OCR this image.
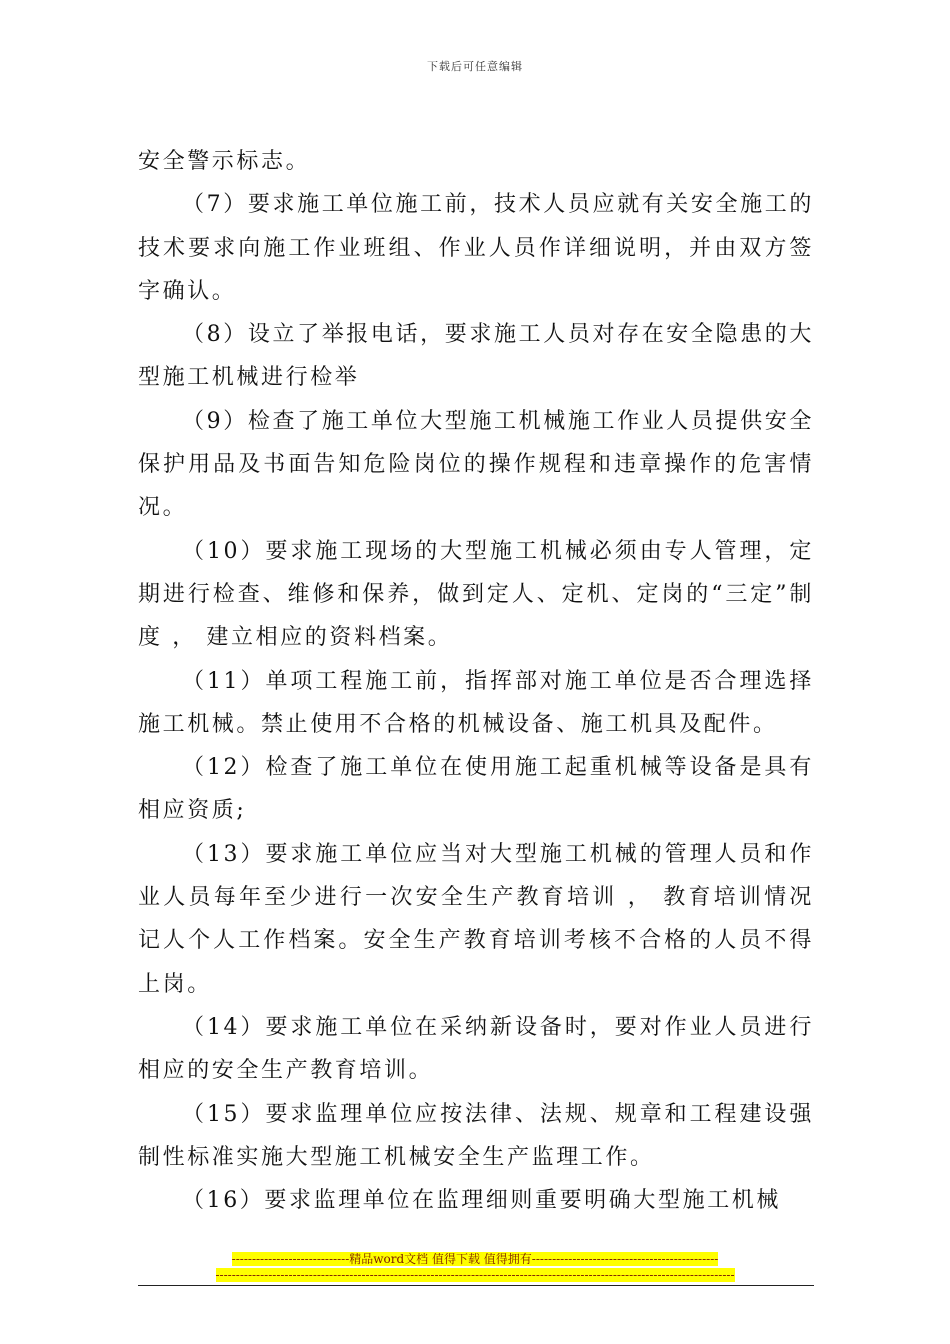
下载后可任意编辑

安全警示标志。

（7）要求施工单位施工前，技术人员应就有关安全施工的技术要求向施工作业班组、作业人员作详细说明，并由双方签字确认。

（8）设立了举报电话，要求施工人员对存在安全隐患的大型施工机械进行检举

（9）检查了施工单位大型施工机械施工作业人员提供安全保护用品及书面告知危险岗位的操作规程和违章操作的危害情况。

（10）要求施工现场的大型施工机械必须由专人管理，定期进行检查、维修和保养，做到定人、定机、定岗的“三定”制度 ， 建立相应的资料档案。

（11）单项工程施工前，指挥部对施工单位是否合理选择施工机械。禁止使用不合格的机械设备、施工机具及配件。

（12）检查了施工单位在使用施工起重机械等设备是具有相应资质;

（13）要求施工单位应当对大型施工机械的管理人员和作业人员每年至少进行一次安全生产教育培训 ， 教育培训情况记人个人工作档案。安全生产教育培训考核不合格的人员不得上岗。

（14）要求施工单位在采纳新设备时，要对作业人员进行相应的安全生产教育培训。

（15）要求监理单位应按法律、法规、规章和工程建设强制性标准实施大型施工机械安全生产监理工作。

（16）要求监理单位在监理细则重要明确大型施工机械

-----------------------------精品word文档 值得下载 值得拥有----------------------------------------------
--------------------------------------------------------------------------------------------------------------------------------
